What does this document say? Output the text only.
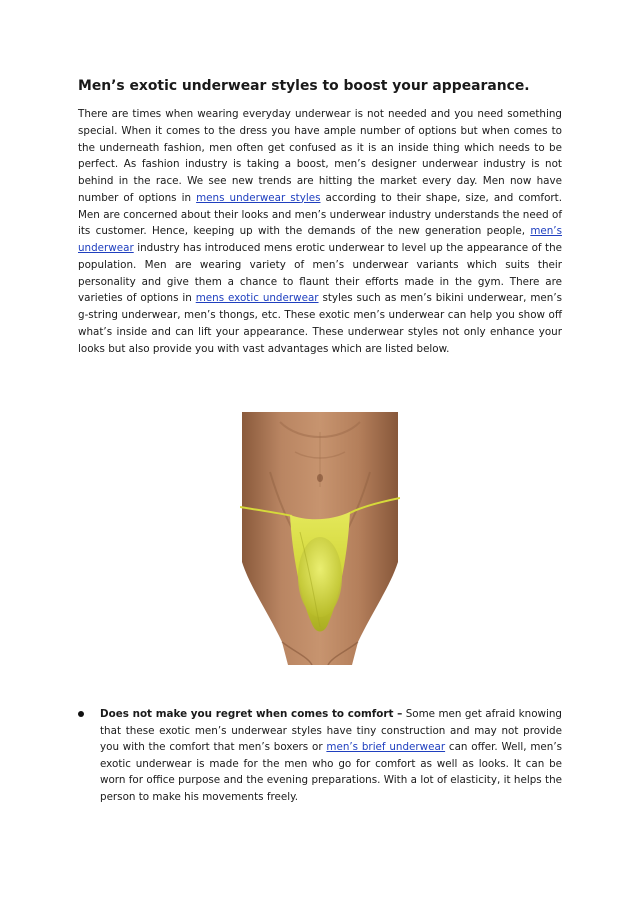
Men’s exotic underwear styles to boost your appearance.

There are times when wearing everyday underwear is not needed and you need something special. When it comes to the dress you have ample number of options but when comes to the underneath fashion, men often get confused as it is an inside thing which needs to be perfect. As fashion industry is taking a boost, men’s designer underwear industry is not behind in the race. We see new trends are hitting the market every day. Men now have number of options in mens underwear styles according to their shape, size, and comfort. Men are concerned about their looks and men’s underwear industry understands the need of its customer. Hence, keeping up with the demands of the new generation people, men’s underwear industry has introduced mens erotic underwear to level up the appearance of the population. Men are wearing variety of men’s underwear variants which suits their personality and give them a chance to flaunt their efforts made in the gym. There are varieties of options in mens exotic underwear styles such as men’s bikini underwear, men’s g-string underwear, men’s thongs, etc. These exotic men’s underwear can help you show off what’s inside and can lift your appearance. These underwear styles not only enhance your looks but also provide you with vast advantages which are listed below.

Does not make you regret when comes to comfort – Some men get afraid knowing that these exotic men’s underwear styles have tiny construction and may not provide you with the comfort that men’s boxers or men’s brief underwear can offer. Well, men’s exotic underwear is made for the men who go for comfort as well as looks. It can be worn for office purpose and the evening preparations. With a lot of elasticity, it helps the person to make his movements freely.
